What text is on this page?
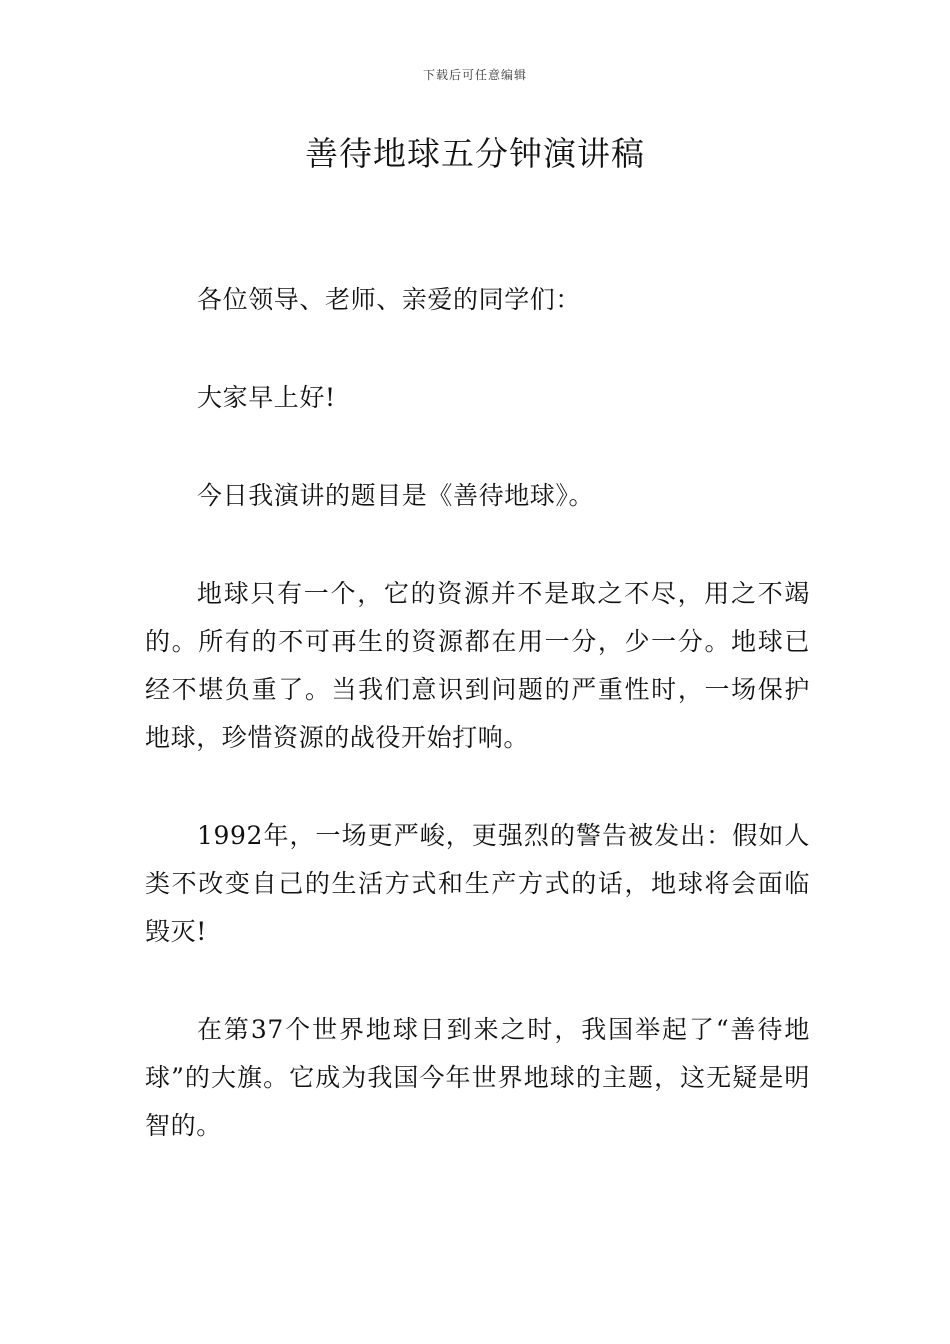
下载后可任意编辑
善待地球五分钟演讲稿

各位领导、老师、亲爱的同学们：

大家早上好!

今日我演讲的题目是《善待地球》。

地球只有一个，它的资源并不是取之不尽，用之不竭的。所有的不可再生的资源都在用一分，少一分。地球已经不堪负重了。当我们意识到问题的严重性时，一场保护地球，珍惜资源的战役开始打响。

1992年，一场更严峻，更强烈的警告被发出：假如人类不改变自己的生活方式和生产方式的话，地球将会面临毁灭!

在第37个世界地球日到来之时，我国举起了“善待地球”的大旗。它成为我国今年世界地球的主题，这无疑是明智的。
